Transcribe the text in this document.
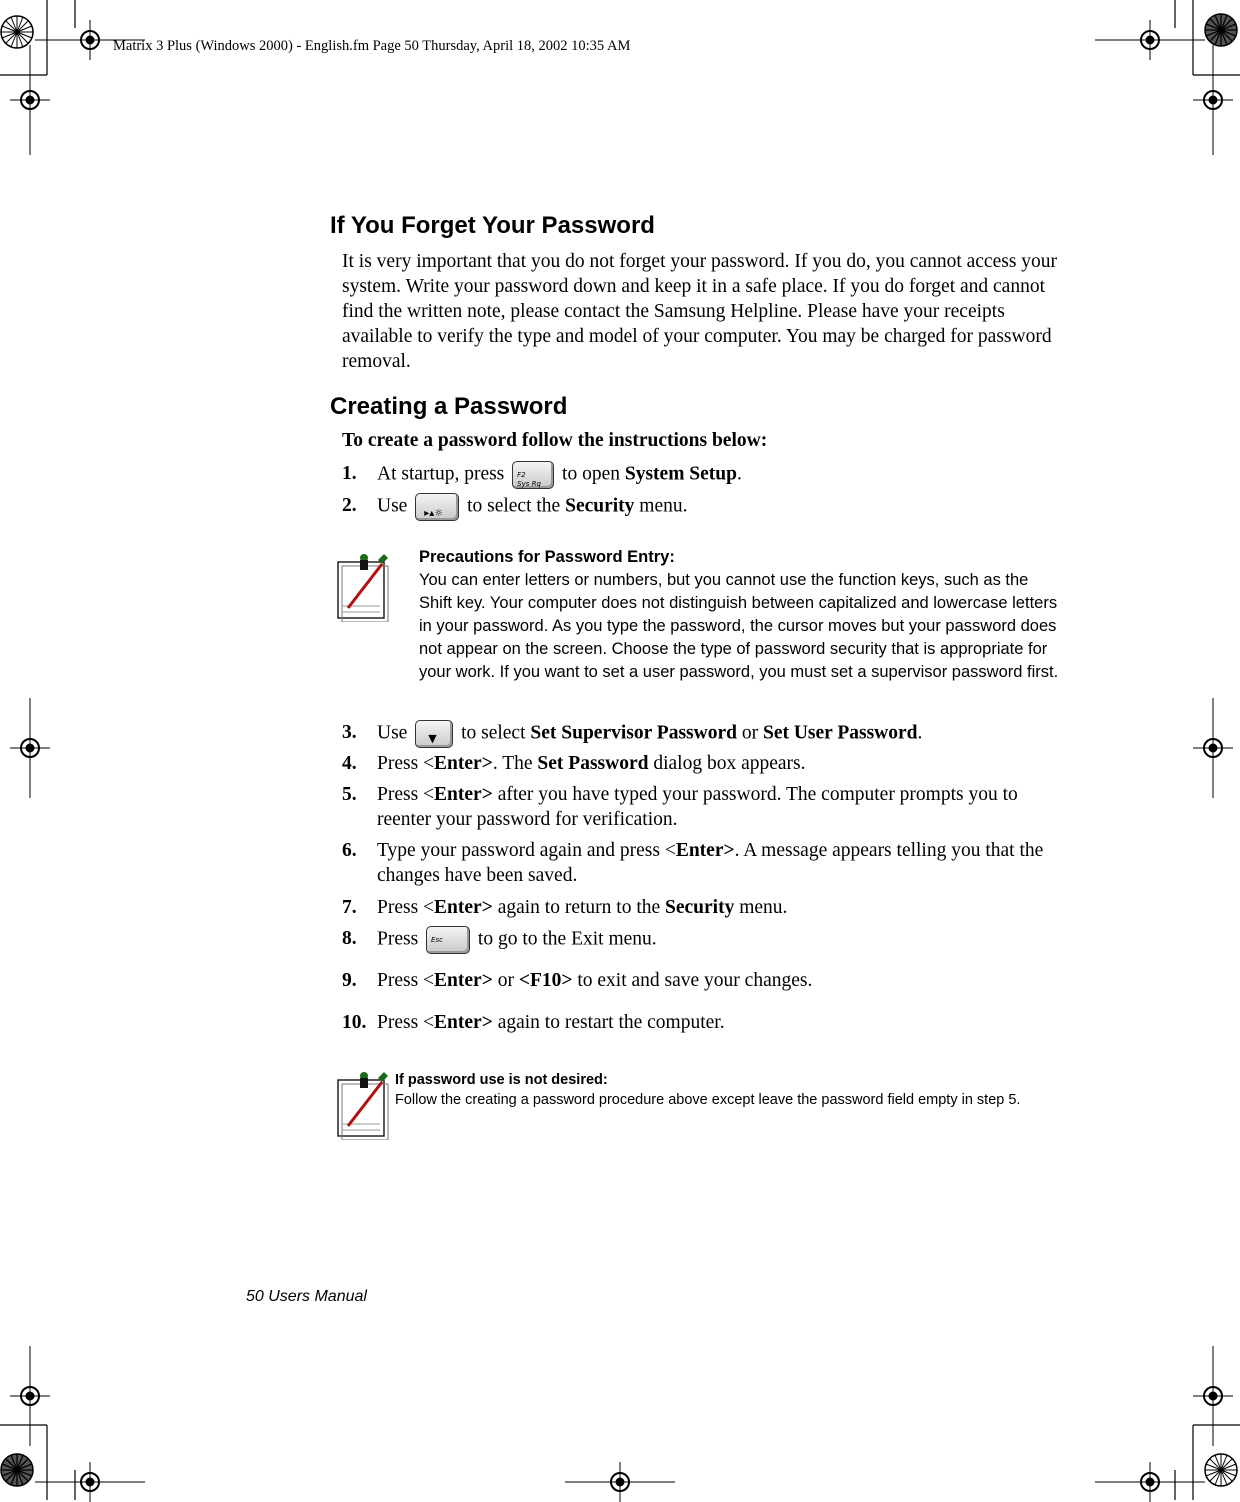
Matrix 3 Plus (Windows 2000) - English.fm Page 50 Thursday, April 18, 2002 10:35 AM
If You Forget Your Password
It is very important that you do not forget your password. If you do, you cannot access your system. Write your password down and keep it in a safe place. If you do forget and cannot find the written note, please contact the Samsung Helpline. Please have your receipts available to verify the type and model of your computer. You may be charged for password removal.
Creating a Password
To create a password follow the instructions below:
1. At startup, press F2
Sys Rq to open System Setup.
2. Use ▸▴☼ to select the Security menu.
Precautions for Password Entry:
You can enter letters or numbers, but you cannot use the function keys, such as the Shift key. Your computer does not distinguish between capitalized and lowercase letters in your password. As you type the password, the cursor moves but your password does not appear on the screen. Choose the type of password security that is appropriate for your work. If you want to set a user password, you must set a supervisor password first.
3. Use ▼ to select Set Supervisor Password or Set User Password.
4. Press <Enter>. The Set Password dialog box appears.
5. Press <Enter> after you have typed your password. The computer prompts you to reenter your password for verification.
6. Type your password again and press <Enter>. A message appears telling you that the changes have been saved.
7. Press <Enter> again to return to the Security menu.
8. Press Esc to go to the Exit menu.
9. Press <Enter> or <F10> to exit and save your changes.
10. Press <Enter> again to restart the computer.
If password use is not desired:
Follow the creating a password procedure above except leave the password field empty in step 5.
50 Users Manual
